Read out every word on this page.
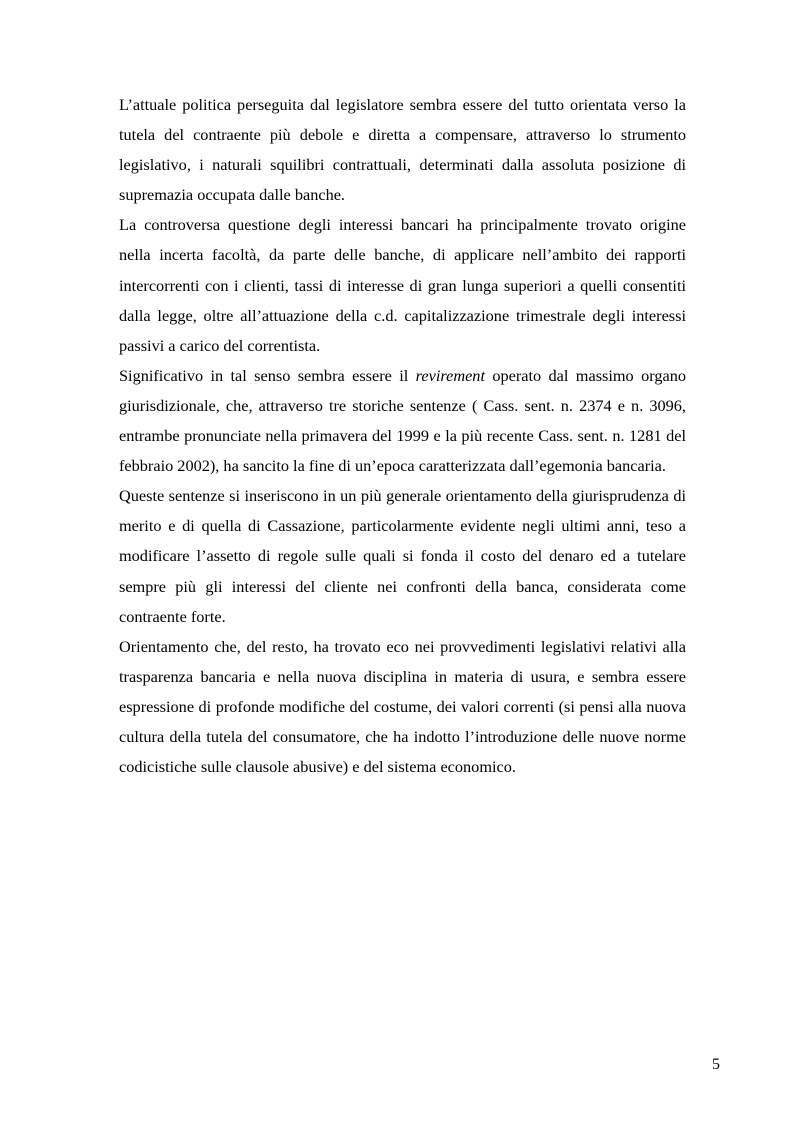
L’attuale politica perseguita dal legislatore sembra essere del tutto orientata verso la tutela del contraente più debole e diretta a compensare, attraverso lo strumento legislativo, i naturali squilibri contrattuali, determinati dalla assoluta posizione di supremazia occupata dalle banche.

La controversa questione degli interessi bancari ha principalmente trovato origine nella incerta facoltà, da parte delle banche, di applicare nell’ambito dei rapporti intercorrenti con i clienti, tassi di interesse di gran lunga superiori a quelli consentiti dalla legge, oltre all’attuazione della c.d. capitalizzazione trimestrale degli interessi passivi a carico del correntista.

Significativo in tal senso sembra essere il revirement operato dal massimo organo giurisdizionale, che, attraverso tre storiche sentenze ( Cass. sent. n. 2374 e n. 3096, entrambe pronunciate nella primavera del 1999 e la più recente Cass. sent. n. 1281 del febbraio 2002), ha sancito la fine di un’epoca caratterizzata dall’egemonia bancaria.

Queste sentenze si inseriscono in un più generale orientamento della giurisprudenza di merito e di quella di Cassazione, particolarmente evidente negli ultimi anni, teso a modificare l’assetto di regole sulle quali si fonda il costo del denaro ed a tutelare sempre più gli interessi del cliente nei confronti della banca, considerata come contraente forte.

Orientamento che, del resto, ha trovato eco nei provvedimenti legislativi relativi alla trasparenza bancaria e nella nuova disciplina in materia di usura, e sembra essere espressione di profonde modifiche del costume, dei valori correnti (si pensi alla nuova cultura della tutela del consumatore, che ha indotto l’introduzione delle nuove norme codicistiche sulle clausole abusive) e del sistema economico.

5
